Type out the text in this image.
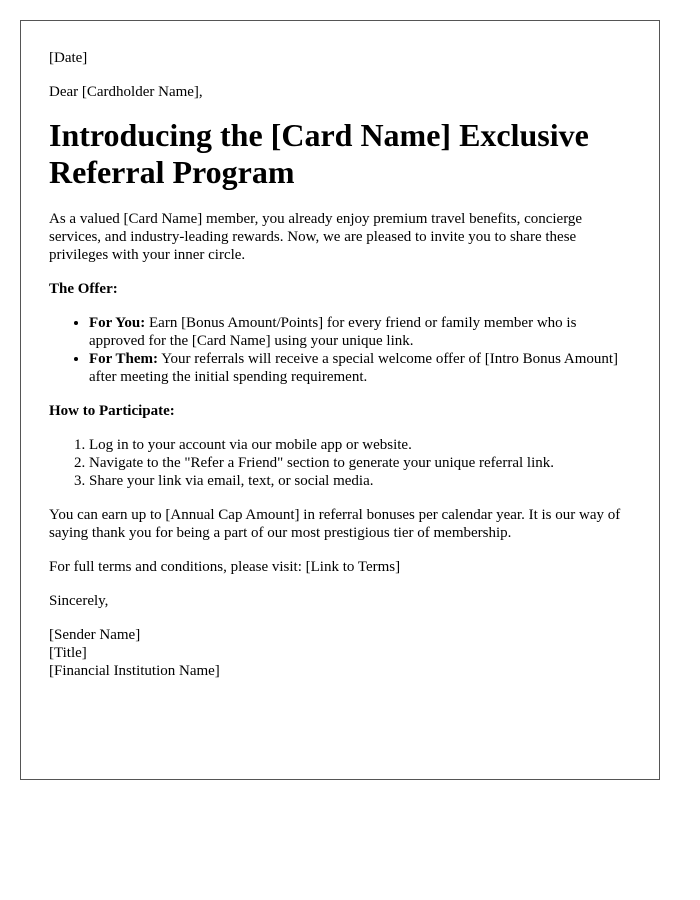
[Date]

Dear [Cardholder Name],

Introducing the [Card Name] Exclusive Referral Program

As a valued [Card Name] member, you already enjoy premium travel benefits, concierge services, and industry-leading rewards. Now, we are pleased to invite you to share these privileges with your inner circle.

The Offer:

• For You: Earn [Bonus Amount/Points] for every friend or family member who is approved for the [Card Name] using your unique link.
• For Them: Your referrals will receive a special welcome offer of [Intro Bonus Amount] after meeting the initial spending requirement.

How to Participate:

1. Log in to your account via our mobile app or website.
2. Navigate to the "Refer a Friend" section to generate your unique referral link.
3. Share your link via email, text, or social media.

You can earn up to [Annual Cap Amount] in referral bonuses per calendar year. It is our way of saying thank you for being a part of our most prestigious tier of membership.

For full terms and conditions, please visit: [Link to Terms]

Sincerely,

[Sender Name]

[Title]

[Financial Institution Name]
